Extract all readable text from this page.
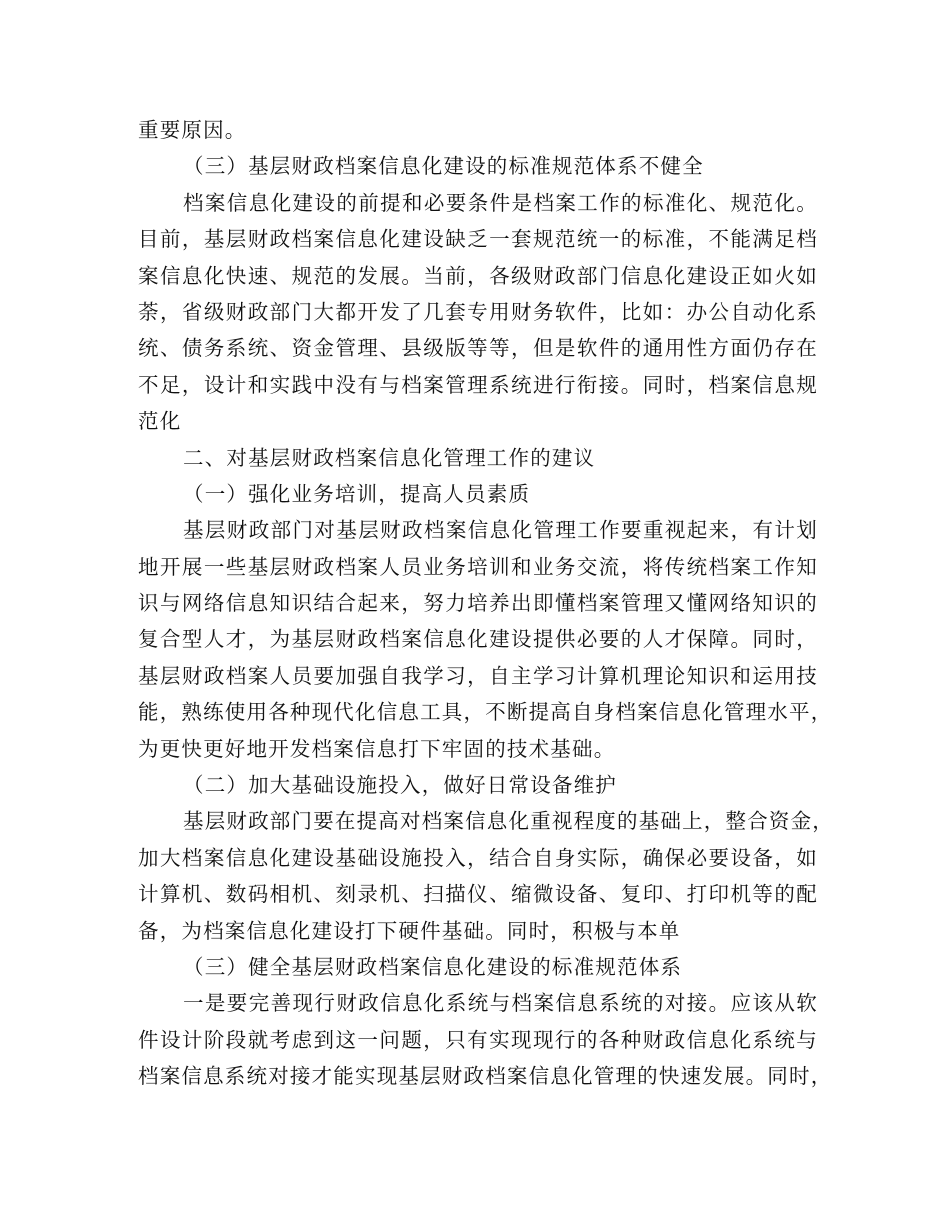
重要原因。
（三）基层财政档案信息化建设的标准规范体系不健全
档案信息化建设的前提和必要条件是档案工作的标准化、规范化。
目前，基层财政档案信息化建设缺乏一套规范统一的标准，不能满足档
案信息化快速、规范的发展。当前，各级财政部门信息化建设正如火如
荼，省级财政部门大都开发了几套专用财务软件，比如：办公自动化系
统、债务系统、资金管理、县级版等等，但是软件的通用性方面仍存在
不足，设计和实践中没有与档案管理系统进行衔接。同时，档案信息规
范化
二、对基层财政档案信息化管理工作的建议
（一）强化业务培训，提高人员素质
基层财政部门对基层财政档案信息化管理工作要重视起来，有计划
地开展一些基层财政档案人员业务培训和业务交流，将传统档案工作知
识与网络信息知识结合起来，努力培养出即懂档案管理又懂网络知识的
复合型人才，为基层财政档案信息化建设提供必要的人才保障。同时，
基层财政档案人员要加强自我学习，自主学习计算机理论知识和运用技
能，熟练使用各种现代化信息工具，不断提高自身档案信息化管理水平，
为更快更好地开发档案信息打下牢固的技术基础。
（二）加大基础设施投入，做好日常设备维护
基层财政部门要在提高对档案信息化重视程度的基础上，整合资金，
加大档案信息化建设基础设施投入，结合自身实际，确保必要设备，如
计算机、数码相机、刻录机、扫描仪、缩微设备、复印、打印机等的配
备，为档案信息化建设打下硬件基础。同时，积极与本单
（三）健全基层财政档案信息化建设的标准规范体系
一是要完善现行财政信息化系统与档案信息系统的对接。应该从软
件设计阶段就考虑到这一问题，只有实现现行的各种财政信息化系统与
档案信息系统对接才能实现基层财政档案信息化管理的快速发展。同时，
